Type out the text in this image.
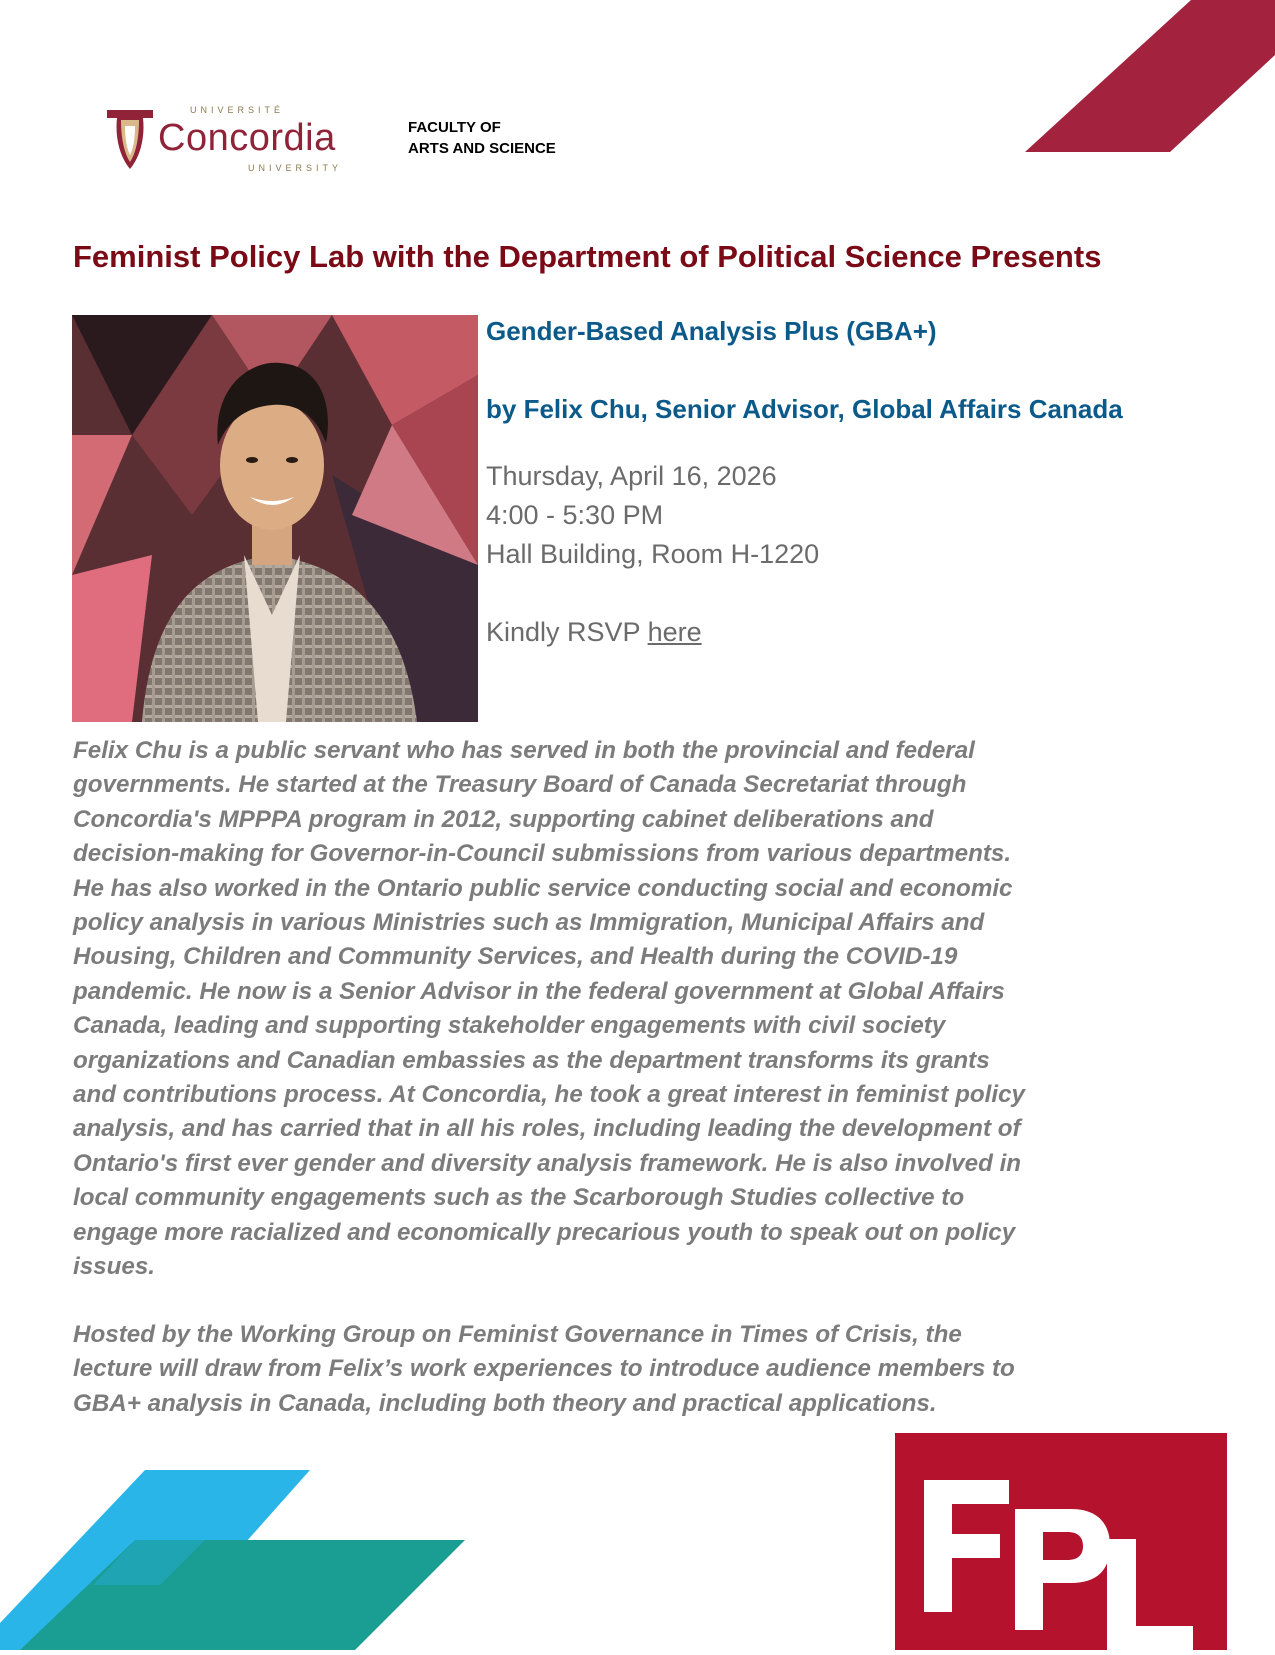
UNIVERSITÉ
Concordia
UNIVERSITY
FACULTY OF
ARTS AND SCIENCE
Feminist Policy Lab with the Department of Political Science Presents
Gender-Based Analysis Plus (GBA+)
by Felix Chu, Senior Advisor, Global Affairs Canada
Thursday, April 16, 2026
4:00 - 5:30 PM
Hall Building, Room H-1220
Kindly RSVP here
Felix Chu is a public servant who has served in both the provincial and federal
governments. He started at the Treasury Board of Canada Secretariat through
Concordia's MPPPA program in 2012, supporting cabinet deliberations and
decision-making for Governor-in-Council submissions from various departments.
He has also worked in the Ontario public service conducting social and economic
policy analysis in various Ministries such as Immigration, Municipal Affairs and
Housing, Children and Community Services, and Health during the COVID-19
pandemic. He now is a Senior Advisor in the federal government at Global Affairs
Canada, leading and supporting stakeholder engagements with civil society
organizations and Canadian embassies as the department transforms its grants
and contributions process. At Concordia, he took a great interest in feminist policy
analysis, and has carried that in all his roles, including leading the development of
Ontario's first ever gender and diversity analysis framework. He is also involved in
local community engagements such as the Scarborough Studies collective to
engage more racialized and economically precarious youth to speak out on policy
issues.
Hosted by the Working Group on Feminist Governance in Times of Crisis, the
lecture will draw from Felix’s work experiences to introduce audience members to
GBA+ analysis in Canada, including both theory and practical applications.
FPL
